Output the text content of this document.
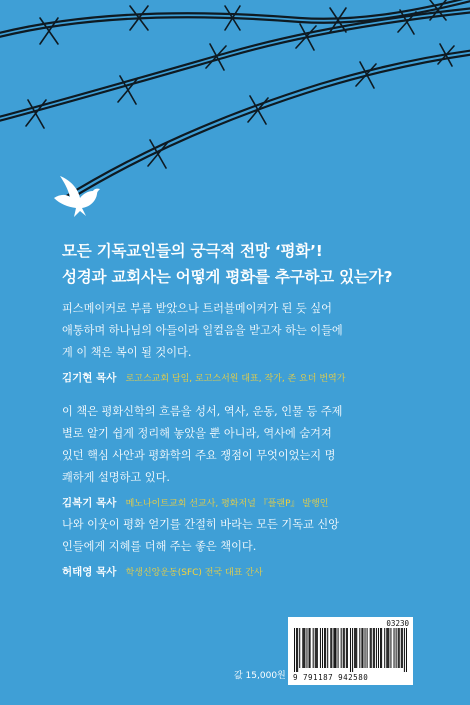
모든 기독교인들의 궁극적 전망 ‘평화’!
성경과 교회사는 어떻게 평화를 추구하고 있는가?
피스메이커로 부름 받았으나 트러블메이커가 된 듯 싶어
애통하며 하나님의 아들이라 일컬음을 받고자 하는 이들에
게 이 책은 복이 될 것이다.
김기현 목사 로고스교회 담임, 로고스서원 대표, 작가, 존 요더 번역가
이 책은 평화신학의 흐름을 성서, 역사, 운동, 인물 등 주제
별로 알기 쉽게 정리해 놓았을 뿐 아니라, 역사에 숨겨져
있던 핵심 사안과 평화학의 주요 쟁점이 무엇이었는지 명
쾌하게 설명하고 있다.
김복기 목사 메노나이트교회 선교사, 평화저널 『플랜P』 발행인
나와 이웃이 평화 얻기를 간절히 바라는 모든 기독교 신앙
인들에게 지혜를 더해 주는 좋은 책이다.
허태영 목사 학생신앙운동(SFC) 전국 대표 간사
03230
9 791187 942580
값 15,000원
